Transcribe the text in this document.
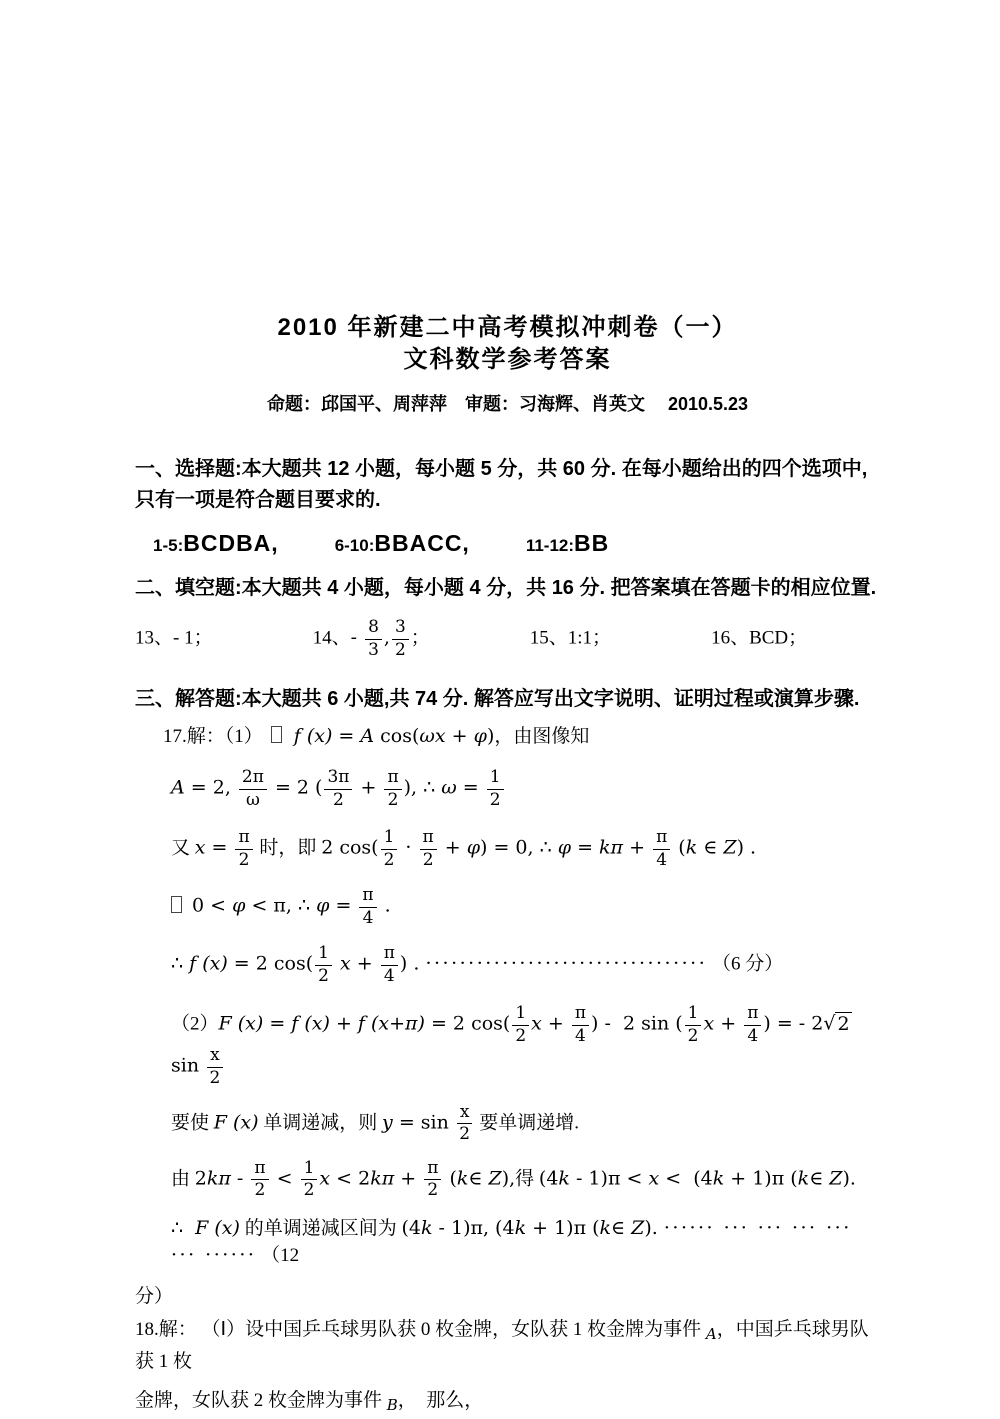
2010 年新建二中高考模拟冲刺卷（一）
文科数学参考答案
命题：邱国平、周萍萍　审题：习海辉、肖英文　 2010.5.23
一、选择题:本大题共 12 小题，每小题 5 分，共 60 分. 在每小题给出的四个选项中,只有一项是符合题目要求的.
1-5:BCDBA,	6-10:BBACC,	11-12:BB
二、填空题:本大题共 4 小题，每小题 4 分，共 16 分. 把答案填在答题卡的相应位置.
13、- 1；	14、- $\frac{8}{3}$ , $\frac{3}{2}$ ；	15、1:1；	16、BCD；
三、解答题:本大题共 6 小题,共 74 分. 解答应写出文字说明、证明过程或演算步骤.
17.解：（1） f (x) = A cos(ωx + φ)，由图像知
A = 2, $\frac{2\pi}{\omega} = 2$ ( $\frac{3\pi}{2} + \frac{\pi}{2}$ ), ∴ $\omega = \frac{1}{2}$
又 $x = \frac{\pi}{2}$ 时，即 2 $\cos( \frac{1}{2} \cdot \frac{\pi}{2} + \varphi) = 0$, ∴ $\varphi = k\pi + \frac{\pi}{4} (k$ ∈ Z) .
0 < φ < π, ∴ $\varphi = \frac{\pi}{4}$ .
∴ f (x) = 2 $\cos( \frac{1}{2}$ $x + \frac{\pi}{4}$ ) . ································· （6 分）
（2）F (x) = f (x) + f (x+π) = 2 $\cos( \frac{1}{2}$ $x + \frac{\pi}{4}$ ) -  2 sin ( $\frac{1}{2}$ $x + \frac{\pi}{4}$ ) = - 2√ 2 $\sin \frac{x}{2}$
要使 F (x) 单调递减，则 $y = \sin \frac{x}{2}$ 要单调递增.
由 $2k\pi - \frac{\pi}{2} < \frac{1}{2}$ $x < 2k\pi + \frac{\pi}{2}$ (k∈ Z),得 (4k - 1)π < x <  (4k + 1)π (k∈ Z).
∴  F (x) 的单调递减区间为 (4k - 1)π, (4k + 1)π (k∈ Z). ······ ··· ··· ··· ··· ··· ······ （12
分）
18.解： （Ⅰ）设中国乒乓球男队获 0 枚金牌，女队获 1 枚金牌为事件 $_A$，中国乒乓球男队获 1 枚
金牌，女队获 2 枚金牌为事件 $_B$，  那么，
